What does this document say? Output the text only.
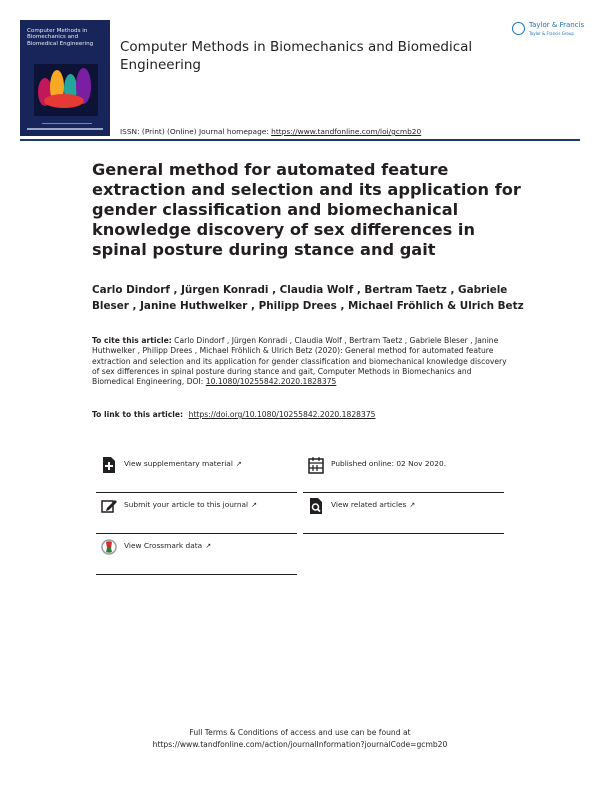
Computer Methods in Biomechanics and Biomedical Engineering	Computer Methods in Biomechanics and Biomedical Engineering
Taylor & Francis
Taylor & Francis Group
ISSN: (Print) (Online) Journal homepage: https://www.tandfonline.com/loi/gcmb20
General method for automated feature extraction and selection and its application for gender classification and biomechanical knowledge discovery of sex differences in spinal posture during stance and gait
Carlo Dindorf , Jürgen Konradi , Claudia Wolf , Bertram Taetz , Gabriele Bleser , Janine Huthwelker , Philipp Drees , Michael Fröhlich & Ulrich Betz
To cite this article: Carlo Dindorf , Jürgen Konradi , Claudia Wolf , Bertram Taetz , Gabriele Bleser , Janine Huthwelker , Philipp Drees , Michael Fröhlich & Ulrich Betz (2020): General method for automated feature extraction and selection and its application for gender classification and biomechanical knowledge discovery of sex differences in spinal posture during stance and gait, Computer Methods in Biomechanics and Biomedical Engineering, DOI: 10.1080/10255842.2020.1828375
To link to this article: https://doi.org/10.1080/10255842.2020.1828375
View supplementary material ↗	Published online: 02 Nov 2020.
Submit your article to this journal ↗	View related articles ↗
View Crossmark data ↗
Full Terms & Conditions of access and use can be found at
https://www.tandfonline.com/action/journalInformation?journalCode=gcmb20
